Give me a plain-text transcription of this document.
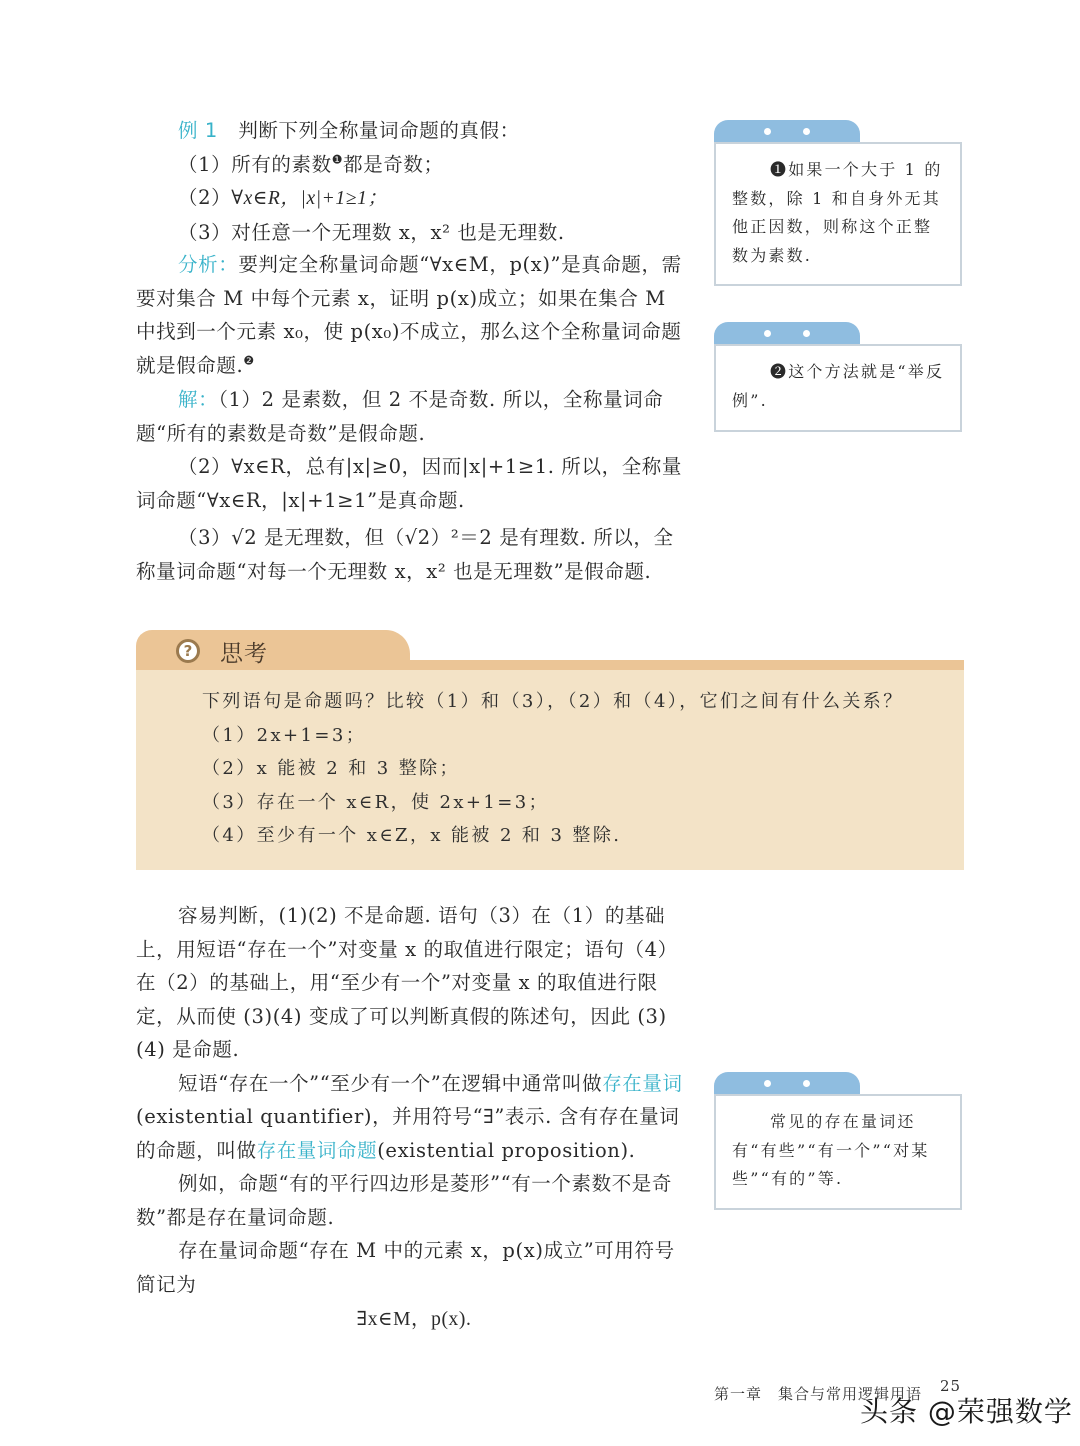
例 1 判断下列全称量词命题的真假：

（1）所有的素数$^❶$都是奇数；

（2）∀x∈R，|x|+1≥1；

（3）对任意一个无理数 x，x² 也是无理数.

分析：要判定全称量词命题“∀x∈M，p(x)”是真命题，需要对集合 M 中每个元素 x，证明 p(x)成立；如果在集合 M 中找到一个元素 x₀，使 p(x₀)不成立，那么这个全称量词命题就是假命题.$^❷$

解：（1）2 是素数，但 2 不是奇数. 所以，全称量词命题“所有的素数是奇数”是假命题.

（2）∀x∈R，总有|x|≥0，因而|x|+1≥1. 所以，全称量词命题“∀x∈R，|x|+1≥1”是真命题.

（3）√2 是无理数，但（√2）²＝2 是有理数. 所以，全称量词命题“对每一个无理数 x，x² 也是无理数”是假命题.

❶如果一个大于 1 的整数，除 1 和自身外无其他正因数，则称这个正整数为素数.
❷这个方法就是“举反例”.
?	思考

下列语句是命题吗？比较（1）和（3），（2）和（4），它们之间有什么关系？

（1）2x+1=3；

（2）x 能被 2 和 3 整除；

（3）存在一个 x∈R，使 2x+1=3；

（4）至少有一个 x∈Z，x 能被 2 和 3 整除.

容易判断，(1)(2) 不是命题. 语句（3）在（1）的基础上，用短语“存在一个”对变量 x 的取值进行限定；语句（4）在（2）的基础上，用“至少有一个”对变量 x 的取值进行限定，从而使 (3)(4) 变成了可以判断真假的陈述句，因此 (3)(4) 是命题.

短语“存在一个”“至少有一个”在逻辑中通常叫做存在量词(existential quantifier)，并用符号“∃”表示. 含有存在量词的命题，叫做存在量词命题(existential proposition).

例如，命题“有的平行四边形是菱形”“有一个素数不是奇数”都是存在量词命题.

存在量词命题“存在 M 中的元素 x，p(x)成立”可用符号简记为

∃x∈M，p(x).

常见的存在量词还有“有些”“有一个”“对某些”“有的”等.
第一章　集合与常用逻辑用语 25
头条 @荣强数学
